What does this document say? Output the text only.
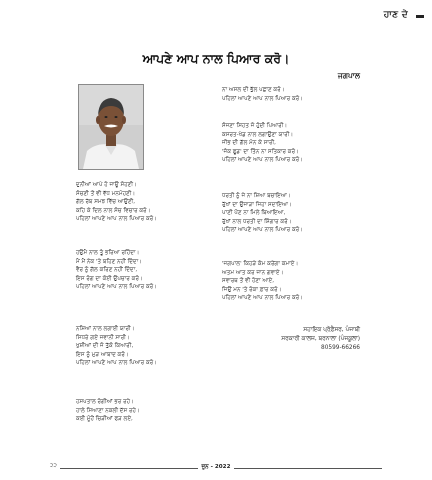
ਹਾਣ ਦੇ
ਆਪਣੇ ਆਪ ਨਾਲ ਪਿਆਰ ਕਰੋ।
ਜਗਪਾਲ
ਨਾ ਅਸਲ ਦੀ ਭੁੱਲ ਪਛਾਣ ਕਰੋ।
ਪਹਿਲਾਂ ਆਪਣੇ ਆਪ ਨਾਲ ਪਿਆਰ ਕਰੋ।
ਸੰਜਣਾ ਸਿਹਤ ਜੋ ਹੁੰਦੀ ਪਿਆਰੀ।
ਕਸਰਤ-ਖੇਡ ਨਾਲ ਲਗਾਉਣਾ ਯਾਰੀ।
ਜੀਭ ਦੀ ਗੱਲ ਮੰਨ ਕੇ ਸਾਰੀ,
'ਜੰਕ ਫੂਡ' ਦਾ ਤਿੰਨ ਨਾ ਸਤਿਕਾਰ ਕਰੋ।
ਪਹਿਲਾਂ ਆਪਣੇ ਆਪ ਨਾਲ ਪਿਆਰ ਕਰੋ।
ਧਰਤੀ ਨੂੰ ਜੇ ਨਾ ਸ਼ਿਆ ਬਚਾਇਆ।
ਰੁੱਖਾਂ ਦਾ ਉਜਾੜਾ ਜਿਹਾ ਸਦਾਇਆ।
ਪਾਣੀ ਪੌਣ ਨਾ ਮਿਲੇ ਬਿਆਇਆ,
ਰੁੱਖਾਂ ਨਾਲ ਧਰਤੀ ਦਾ ਸ਼ਿੰਗਾਰ ਕਰੋ।
ਪਹਿਲਾਂ ਆਪਣੇ ਆਪ ਨਾਲ ਪਿਆਰ ਕਰੋ।
'ਜਗਪਾਲ' ਕਿਹੜੇ ਕੰਮ ਕਰੇਂਗਾ ਕਮਾਏ।
ਅਤਮ ਆਤ ਕਰ ਜਾਨ ਗਵਾਏ।
ਸਵਾਰਥ ਤੋਂ ਵੀ ਹੋਣਾ ਆਏ,
ਜਿਉਂ ਮਨ 'ਤੇ ਰੋਕਾ ਫ਼ਾਰ ਕਰੋ।
ਪਹਿਲਾਂ ਆਪਣੇ ਆਪ ਨਾਲ ਪਿਆਰ ਕਰੋ।
ਦੁਨੀਆਂ ਆਪੇ ਹੋ ਜਾਊ ਸੋਹਣੀ।
ਸੋਚਣੀ ਤੋਂ ਵੀ ਵੱਧ ਮਨਮੋਹਣੀ।
ਗੱਲ ਰੱਬ ਸਮਝ ਵਿੱਚ ਆਉਣੀ,
ਕਹਿ ਕੇ ਦਿਲ ਨਾਲ ਸੋਚ ਵਿਚਾਰ ਕਰੋ।
ਪਹਿਲਾਂ ਆਪਣੇ ਆਪ ਨਾਲ ਪਿਆਰ ਕਰੋ।
ਹਉਮੈ ਨਾਲ ਤੂੰ ਭਰਿਆ ਰਹਿੰਦਾ।
ਮੈਂ ਮੈਂ ਨੇਕ 'ਤੇ ਬਹਿਣ ਨਹੀਂ ਦਿੰਦਾ।
ਵੈਰ ਨੂੰ ਗੱਲ ਕਰਿਣ ਨਹੀਂ ਦਿੰਦਾ,
ਇਸ ਰੋਗ ਦਾ ਕੋਈ ਉਪਚਾਰ ਕਰੋ।
ਪਹਿਲਾਂ ਆਪਣੇ ਆਪ ਨਾਲ ਪਿਆਰ ਕਰੋ।
ਨਸ਼ਿਆਂ ਨਾਲ ਲਗਾਈ ਯਾਰੀ।
ਸਿਧਰੇ ਗਏ ਜਵਾਨੀ ਸਾਰੀ।
ਖੁਸ਼ੀਆਂ ਦੀ ਜੋ ਤੁੱਕੋ ਕਿਆਰੀ,
ਇਸ ਨੂੰ ਮੁੜ ਆਬਾਦ ਕਰੋ।
ਪਹਿਲਾਂ ਆਪਣੇ ਆਪ ਨਾਲ ਪਿਆਰ ਕਰੋ।
ਹਸਪਤਾਲ ਰੋਗੀਆਂ ਭਰ ਰਹੇ।
ਹਾਲੇ ਸਿਆਣਾ ਨਕਲੀ ਦੱਸ ਰਹੇ।
ਕਈ ਮੂੰਹੋਂ ਚਿੜੀਆਂ ਫੜ ਲਏ,
ਸਹਾਇਕ ਪ੍ਰੋਫ਼ੈਸਰ, ਪੰਜਾਬੀ
ਸਰਕਾਰੀ ਕਾਲਜ, ਬਰਨਾਲਾ (ਪੰਜਕੂਲਾ)
80599-66266
ਜੂਨ - 2022
੨੨
